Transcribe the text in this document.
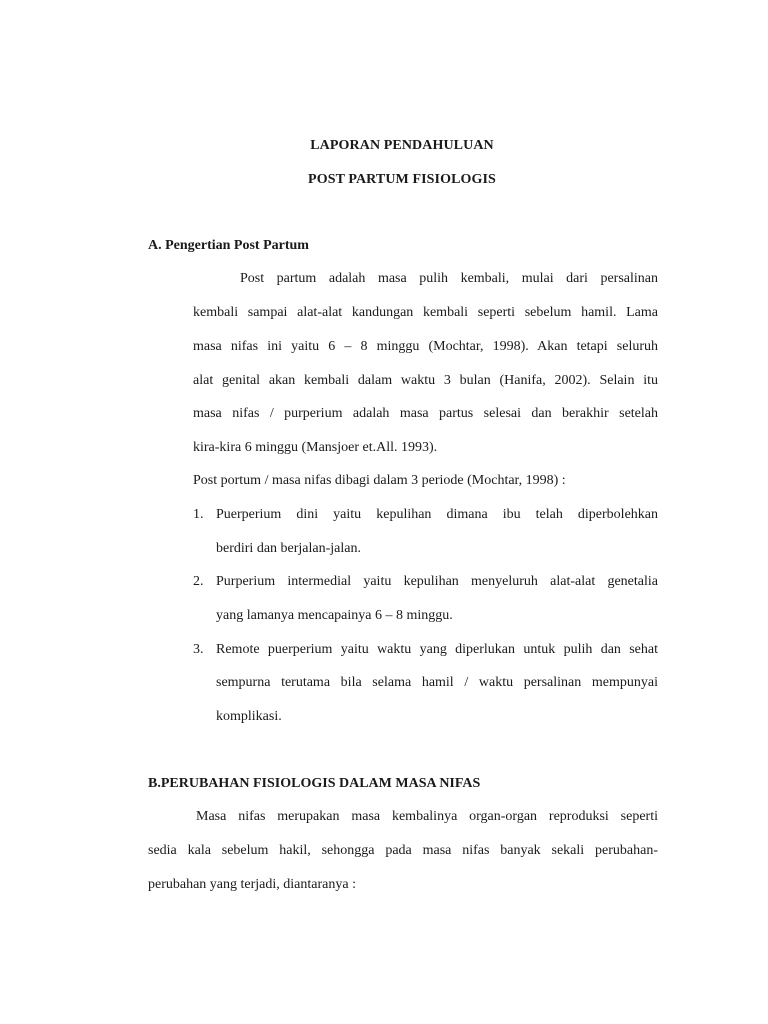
LAPORAN PENDAHULUAN
POST PARTUM FISIOLOGIS
A. Pengertian Post Partum
Post partum adalah masa pulih kembali, mulai dari persalinan
kembali sampai alat-alat kandungan kembali seperti sebelum hamil. Lama
masa nifas ini yaitu 6 – 8 minggu (Mochtar, 1998). Akan tetapi seluruh
alat genital akan kembali dalam waktu 3 bulan (Hanifa, 2002). Selain itu
masa nifas / purperium adalah masa partus selesai dan berakhir setelah
kira-kira 6 minggu (Mansjoer et.All. 1993).
Post portum / masa nifas dibagi dalam 3 periode (Mochtar, 1998) :
1. Puerperium dini yaitu kepulihan dimana ibu telah diperbolehkan
berdiri dan berjalan-jalan.
2. Purperium intermedial yaitu kepulihan menyeluruh alat-alat genetalia
yang lamanya mencapainya 6 – 8 minggu.
3. Remote puerperium yaitu waktu yang diperlukan untuk pulih dan sehat
sempurna terutama bila selama hamil / waktu persalinan mempunyai
komplikasi.
B.PERUBAHAN FISIOLOGIS DALAM MASA NIFAS
Masa nifas merupakan masa kembalinya organ-organ reproduksi seperti
sedia kala sebelum hakil, sehongga pada masa nifas banyak sekali perubahan-
perubahan yang terjadi, diantaranya :
